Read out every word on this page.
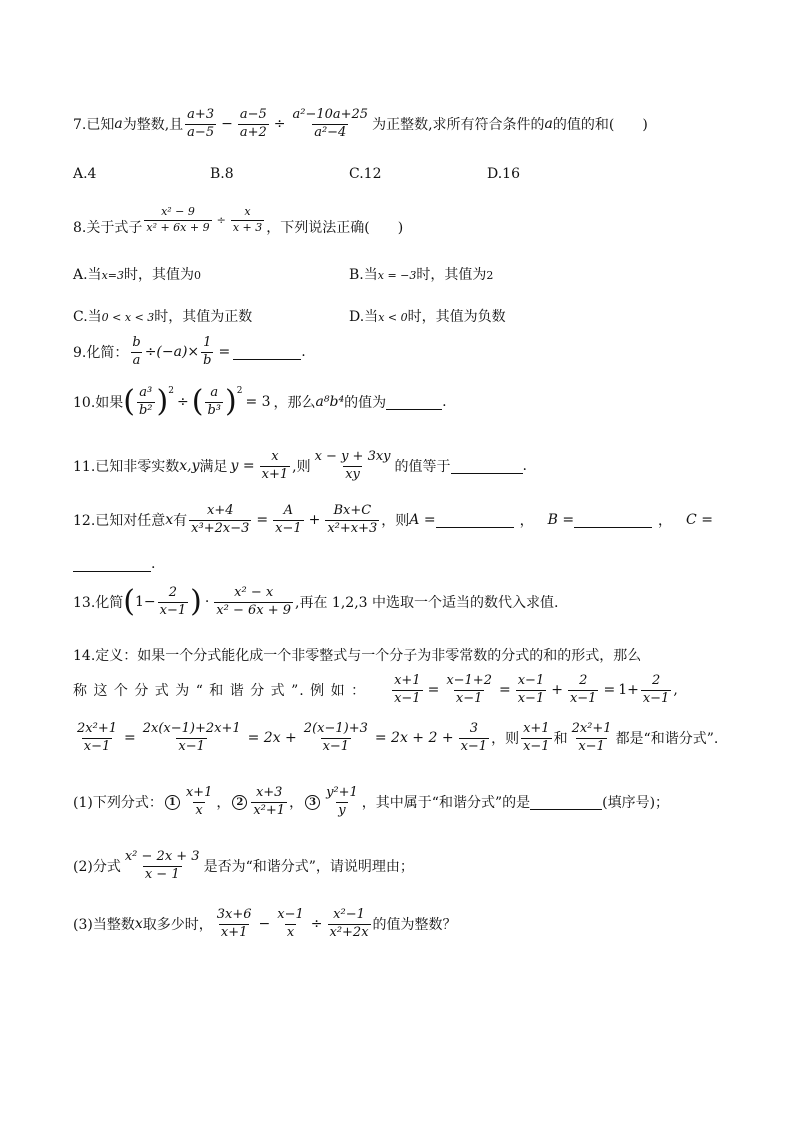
7.已知 a 为整数,且 $\frac{a+3}{a-5} - \frac{a-5}{a+2} \div \frac{\text{a²−10a+25}}{\text{a²−4}}$ 为正整数,求所有符合条件的 a 的值的和(　　)
A.4	B.8	C.12	D.16
8.关于式子 $\frac{\text{x² − 9}}{\text{x² + 6x + 9}} \div \frac{x}{x + 3}$ ，下列说法正确(　　)
A.当x=3时，其值为0	B.当x = −3时，其值为2
C.当0 < x < 3时，其值为正数	D.当x < 0时，其值为负数
9.化简： $\frac{b}{a} \div(-a)\times \frac{1}{b}$ =	.
10.如果 ( $\frac{\text{a³}}{\text{b²}} )^2$
÷ ( $\frac{a}{\text{b³}} )^2$
= 3 ，那么 a⁸b⁴ 的值为	.
11.已知非零实数 x,y 满足 $y = \frac{x}{x+1}$ ,则 $\frac{x - y + 3xy}{xy}$ 的值等于	.
12.已知对任意 x 有 $\frac{x+4}{\text{x³+2x−3}} = \frac{A}{x-1} + \frac{Bx+C}{\text{x²+x+3}}$ ，则 A =	， B =	， C =
.
13.化简 ( $1- \frac{2}{x-1}$ ) · $\frac{\text{x² − x}}{\text{x² − 6x + 9}}$ ,再在 1,2,3 中选取一个适当的数代入求值.
14.定义：如果一个分式能化成一个非零整式与一个分子为非零常数的分式的和的形式，那么
称 这 个 分 式 为 “ 和 谐 分 式 ”. 例 如 ： $\frac{x+1}{x-1} = \frac{x-1+2}{x-1} = \frac{x-1}{x-1} + \frac{2}{x-1} = 1+ \frac{2}{x-1}$ ,
$\frac{\text{2x²+1}}{x-1} = \frac{2x(x-1)+2x+1}{x-1} = 2x + \frac{2(x-1)+3}{x-1} = 2x + 2 + \frac{3}{x-1}$ ，则 $\frac{x+1}{x-1}$ 和 $\frac{\text{2x²+1}}{x-1}$ 都是“和谐分式”.
(1)下列分式： $1 \frac{x+1}{x}$ ， $2 \frac{x+3}{\text{x²+1}}$ ， $3 \frac{\text{y²+1}}{y}$ ，其中属于“和谐分式”的是	(填序号)；
(2)分式 $\frac{\text{x² − 2x + 3}}{x - 1}$ 是否为“和谐分式”，请说明理由；
(3)当整数 x 取多少时， $\frac{3x+6}{x+1} - \frac{x-1}{x} \div \frac{\text{x²−1}}{\text{x²+2x}}$ 的值为整数？
